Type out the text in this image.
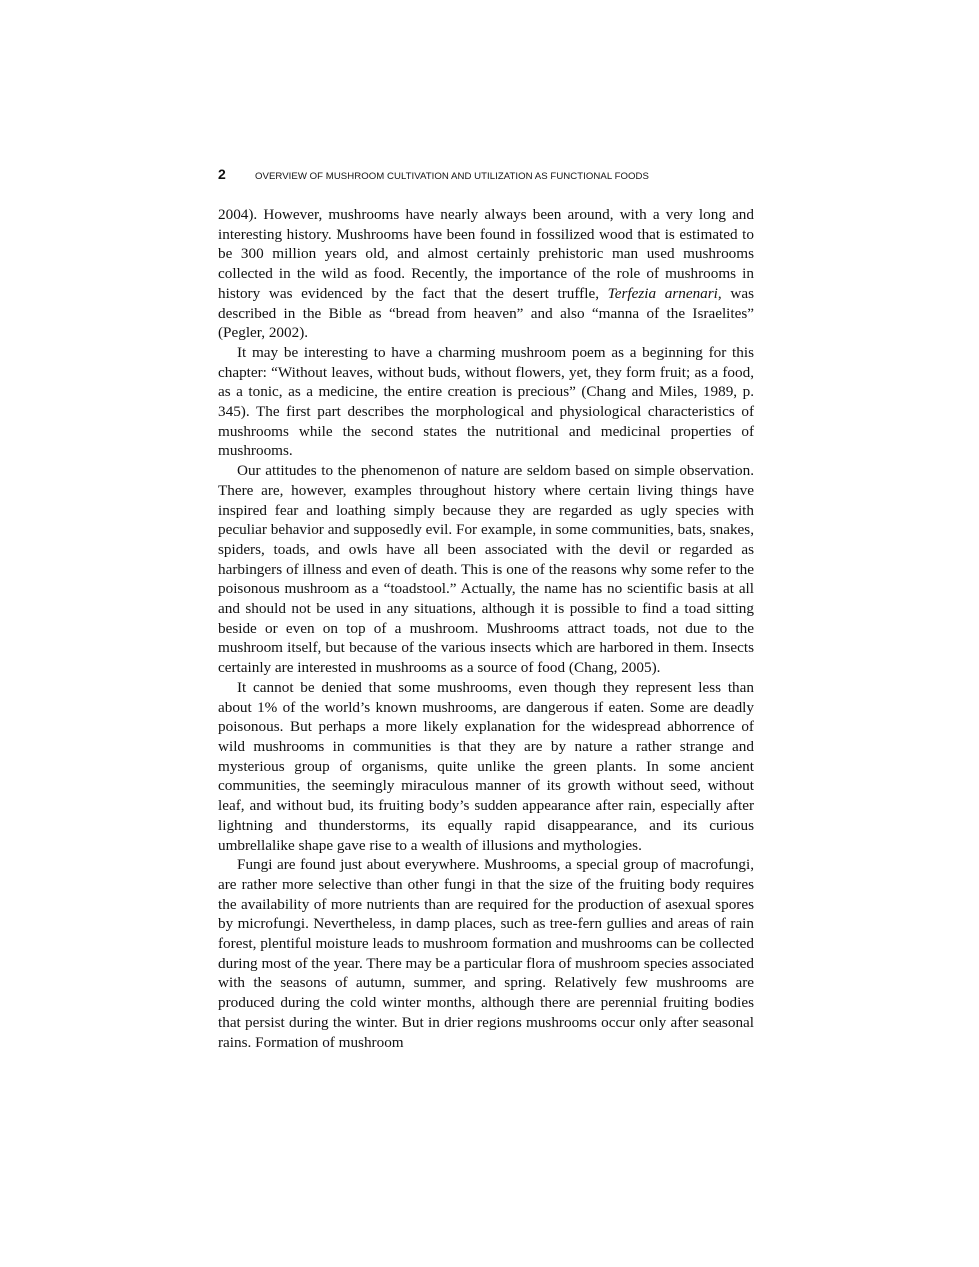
2	OVERVIEW OF MUSHROOM CULTIVATION AND UTILIZATION AS FUNCTIONAL FOODS

2004). However, mushrooms have nearly always been around, with a very long and interesting history. Mushrooms have been found in fossilized wood that is estimated to be 300 million years old, and almost certainly prehistoric man used mushrooms collected in the wild as food. Recently, the importance of the role of mushrooms in history was evidenced by the fact that the desert truffle, Terfezia arnenari, was described in the Bible as “bread from heaven” and also “manna of the Israelites” (Pegler, 2002).

It may be interesting to have a charming mushroom poem as a beginning for this chapter: “Without leaves, without buds, without flowers, yet, they form fruit; as a food, as a tonic, as a medicine, the entire creation is precious” (Chang and Miles, 1989, p. 345). The first part describes the morphological and physiological characteristics of mushrooms while the second states the nutritional and medicinal properties of mushrooms.

Our attitudes to the phenomenon of nature are seldom based on simple observation. There are, however, examples throughout history where certain living things have inspired fear and loathing simply because they are regarded as ugly species with peculiar behavior and supposedly evil. For example, in some communities, bats, snakes, spiders, toads, and owls have all been associated with the devil or regarded as harbingers of illness and even of death. This is one of the reasons why some refer to the poisonous mushroom as a “toadstool.” Actually, the name has no scientific basis at all and should not be used in any situations, although it is possible to find a toad sitting beside or even on top of a mushroom. Mushrooms attract toads, not due to the mushroom itself, but because of the various insects which are harbored in them. Insects certainly are interested in mushrooms as a source of food (Chang, 2005).

It cannot be denied that some mushrooms, even though they represent less than about 1% of the world’s known mushrooms, are dangerous if eaten. Some are deadly poisonous. But perhaps a more likely explanation for the widespread abhorrence of wild mushrooms in communities is that they are by nature a rather strange and mysterious group of organisms, quite unlike the green plants. In some ancient communities, the seemingly miraculous manner of its growth without seed, without leaf, and without bud, its fruiting body’s sudden appearance after rain, especially after lightning and thunderstorms, its equally rapid disappearance, and its curious umbrellalike shape gave rise to a wealth of illusions and mythologies.

Fungi are found just about everywhere. Mushrooms, a special group of macrofungi, are rather more selective than other fungi in that the size of the fruiting body requires the availability of more nutrients than are required for the production of asexual spores by microfungi. Nevertheless, in damp places, such as tree-fern gullies and areas of rain forest, plentiful moisture leads to mushroom formation and mushrooms can be collected during most of the year. There may be a particular flora of mushroom species associated with the seasons of autumn, summer, and spring. Relatively few mushrooms are produced during the cold winter months, although there are perennial fruiting bodies that persist during the winter. But in drier regions mushrooms occur only after seasonal rains. Formation of mushroom
